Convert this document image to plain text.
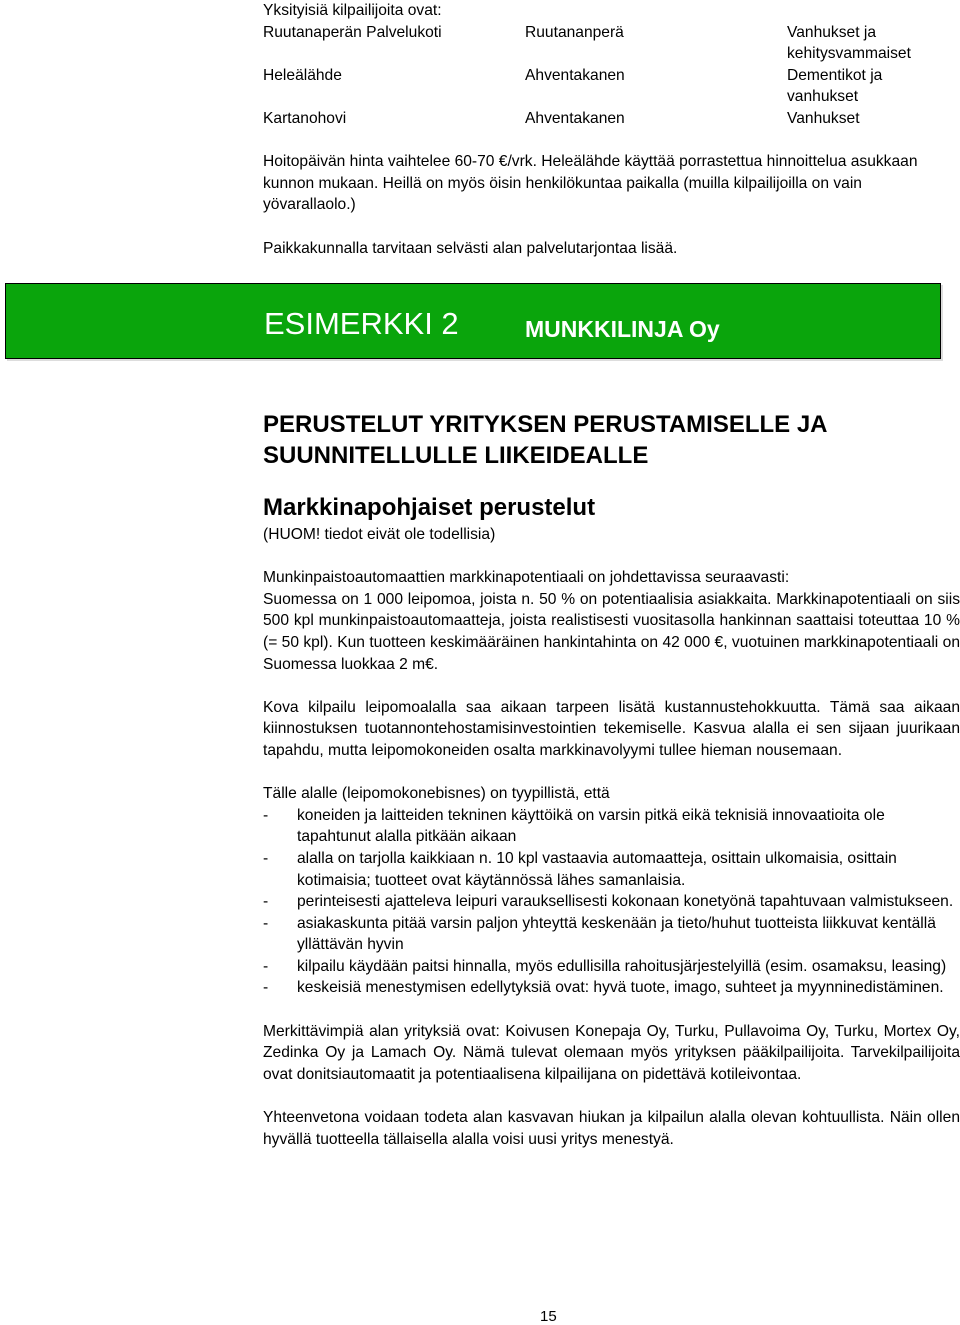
Yksityisiä kilpailijoita ovat:

Ruutanaperän Palvelukoti	Ruutananperä	Vanhukset ja kehitysvammaiset
Heleälähde	Ahventakanen	Dementikot ja vanhukset
Kartanohovi	Ahventakanen	Vanhukset

Hoitopäivän hinta vaihtelee 60-70 €/vrk. Heleälähde käyttää porrastettua hinnoittelua asukkaan kunnon mukaan. Heillä on myös öisin henkilökuntaa paikalla (muilla kilpailijoilla on vain yövarallaolo.)

Paikkakunnalla tarvitaan selvästi alan palvelutarjontaa lisää.

ESIMERKKI 2	MUNKKILINJA Oy
PERUSTELUT YRITYKSEN PERUSTAMISELLE JA SUUNNITELLULLE LIIKEIDEALLE
Markkinapohjaiset perustelut

(HUOM! tiedot eivät ole todellisia)

Munkinpaistoautomaattien markkinapotentiaali on johdettavissa seuraavasti:

Suomessa on 1 000 leipomoa, joista n. 50 % on potentiaalisia asiakkaita. Markkinapotentiaali on siis 500 kpl munkinpaistoautomaatteja, joista realistisesti vuositasolla hankinnan saattaisi toteuttaa 10 % (= 50 kpl). Kun tuotteen keskimääräinen hankintahinta on 42 000 €, vuotuinen markkinapotentiaali on Suomessa luokkaa 2 m€.

Kova kilpailu leipomoalalla saa aikaan tarpeen lisätä kustannustehokkuutta. Tämä saa aikaan kiinnostuksen tuotannontehostamisinvestointien tekemiselle. Kasvua alalla ei sen sijaan juurikaan tapahdu, mutta leipomokoneiden osalta markkinavolyymi tullee hieman nousemaan.

Tälle alalle (leipomokonebisnes) on tyypillistä, että

- koneiden ja laitteiden tekninen käyttöikä on varsin pitkä eikä teknisiä innovaatioita ole tapahtunut alalla pitkään aikaan
- alalla on tarjolla kaikkiaan n. 10 kpl vastaavia automaatteja, osittain ulkomaisia, osittain kotimaisia; tuotteet ovat käytännössä lähes samanlaisia.
- perinteisesti ajatteleva leipuri varauksellisesti kokonaan konetyönä tapahtuvaan valmistukseen.
- asiakaskunta pitää varsin paljon yhteyttä keskenään ja tieto/huhut tuotteista liikkuvat kentällä yllättävän hyvin
- kilpailu käydään paitsi hinnalla, myös edullisilla rahoitusjärjestelyillä (esim. osamaksu, leasing)
- keskeisiä menestymisen edellytyksiä ovat: hyvä tuote, imago, suhteet ja myynninedistäminen.

Merkittävimpiä alan yrityksiä ovat: Koivusen Konepaja Oy, Turku, Pullavoima Oy, Turku, Mortex Oy, Zedinka Oy ja Lamach Oy. Nämä tulevat olemaan myös yrityksen pääkilpailijoita. Tarvekilpailijoita ovat donitsiautomaatit ja potentiaalisena kilpailijana on pidettävä kotileivontaa.

Yhteenvetona voidaan todeta alan kasvavan hiukan ja kilpailun alalla olevan kohtuullista. Näin ollen hyvällä tuotteella tällaisella alalla voisi uusi yritys menestyä.

15
